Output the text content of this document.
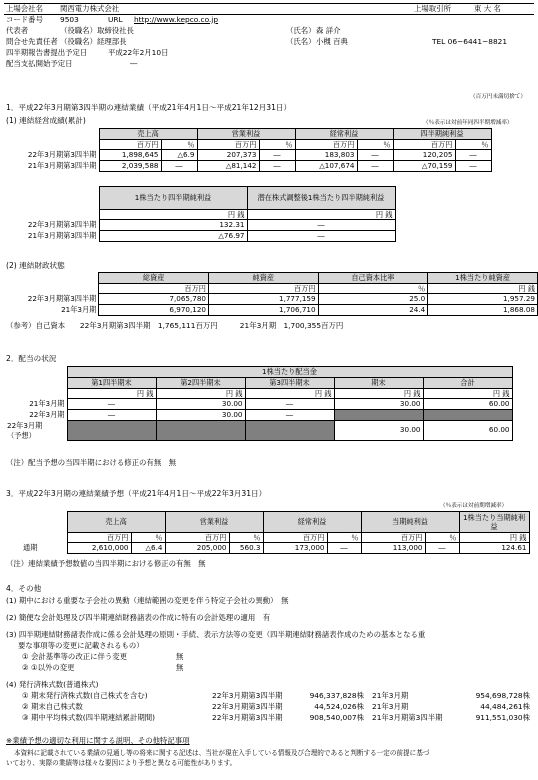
上場会社名 関西電力株式会社	上場取引所	東 大 名
コード番号 9503	URL http://www.kepco.co.jp
代表者	（役職名）取締役社長	（氏名） 森 詳介
問合せ先責任者 （役職名）経理部長	（氏名） 小槻 百典	TEL 06−6441−8821
四半期報告書提出予定日	平成22年2月10日
配当支払開始予定日	―
（百万円未満切捨て）
1．平成22年3月期第3四半期の連結業績（平成21年4月1日～平成21年12月31日）
(1) 連結経営成績(累計)	（％表示は対前年同四半期増減率）
	売上高		営業利益		経常利益		四半期純利益	
	百万円	％	百万円	％	百万円	％	百万円	％
22年3月期第3四半期	1,898,645	△6.9	207,373	―	183,803	―	120,205	―
21年3月期第3四半期	2,039,588	―	△81,142	―	△107,674	―	△70,159	―
	1株当たり四半期純利益	潜在株式調整後1株当たり四半期純利益
	円 銭	円 銭
22年3月期第3四半期	132.31	―
21年3月期第3四半期	△76.97	―
(2) 連結財政状態
	総資産	純資産	自己資本比率	1株当たり純資産
	百万円	百万円	％	円 銭
22年3月期第3四半期	7,065,780	1,777,159	25.0	1,957.29
21年3月期	6,970,120	1,706,710	24.4	1,868.08
（参考）自己資本　　22年3月期第3四半期　1,765,111百万円　　　21年3月期　1,700,355百万円
2．配当の状況
	1株当たり配当金				
	第1四半期末	第2四半期末	第3四半期末	期末	合計
	円 銭	円 銭	円 銭	円 銭	円 銭
21年3月期	―	30.00	―	30.00	60.00
22年3月期	―	30.00	―		
22年3月期
（予想）				30.00	60.00
（注）配当予想の当四半期における修正の有無　無
3．平成22年3月期の連結業績予想（平成21年4月1日～平成22年3月31日）
（％表示は対前期増減率）
	売上高		営業利益		経常利益		当期純利益		1株当たり当期純利益
	百万円	％	百万円	％	百万円	％	百万円	％	円 銭
通期	2,610,000	△6.4	205,000	560.3	173,000	―	113,000	―	124.61
（注）連結業績予想数値の当四半期における修正の有無　無
4．その他
(1) 期中における重要な子会社の異動（連結範囲の変更を伴う特定子会社の異動）　無
(2) 簡便な会計処理及び四半期連結財務諸表の作成に特有の会計処理の適用　有
(3) 四半期連結財務諸表作成に係る会計処理の原則・手続、表示方法等の変更（四半期連結財務諸表作成のための基本となる重
要な事項等の変更に記載されるもの）
① 会計基準等の改正に伴う変更	無
② ①以外の変更	無
(4) 発行済株式数(普通株式)
① 期末発行済株式数(自己株式を含む)	22年3月期第3四半期	946,337,828株 21年3月期	954,698,728株
② 期末自己株式数	22年3月期第3四半期	44,524,026株 21年3月期	44,484,261株
③ 期中平均株式数(四半期連結累計期間)	22年3月期第3四半期	908,540,007株 21年3月期第3四半期	911,551,030株
※業績予想の適切な利用に関する説明、その他特記事項
本資料に記載されている業績の見通し等の将来に関する記述は、当社が現在入手している情報及び合理的であると判断する一定の前提に基づ
いており、実際の業績等は様々な要因により予想と異なる可能性があります。
